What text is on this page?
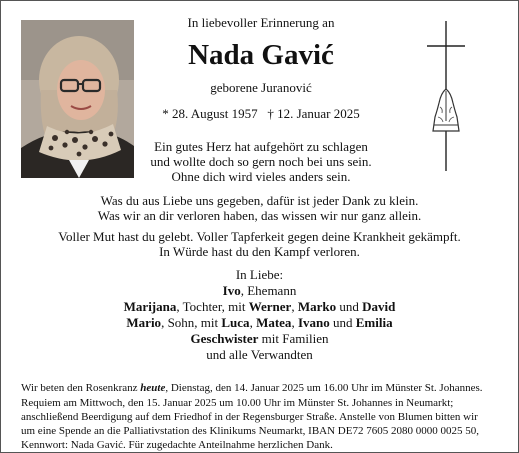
In liebevoller Erinnerung an

Nada Gavić

geborene Juranović

* 28. August 1957 † 12. Januar 2025

Ein gutes Herz hat aufgehört zu schlagen

und wollte doch so gern noch bei uns sein.

Ohne dich wird vieles anders sein.

Was du aus Liebe uns gegeben, dafür ist jeder Dank zu klein.

Was wir an dir verloren haben, das wissen wir nur ganz allein.

Voller Mut hast du gelebt. Voller Tapferkeit gegen deine Krankheit gekämpft.

In Würde hast du den Kampf verloren.

In Liebe:

Ivo, Ehemann

Marijana, Tochter, mit Werner, Marko und David

Mario, Sohn, mit Luca, Matea, Ivano und Emilia

Geschwister mit Familien

und alle Verwandten

Wir beten den Rosenkranz heute, Dienstag, den 14. Januar 2025 um 16.00 Uhr im Münster St. Johannes.

Requiem am Mittwoch, den 15. Januar 2025 um 10.00 Uhr im Münster St. Johannes in Neumarkt;

anschließend Beerdigung auf dem Friedhof in der Regensburger Straße. Anstelle von Blumen bitten wir

um eine Spende an die Palliativstation des Klinikums Neumarkt, IBAN DE72 7605 2080 0000 0025 50,

Kennwort: Nada Gavić. Für zugedachte Anteilnahme herzlichen Dank.
